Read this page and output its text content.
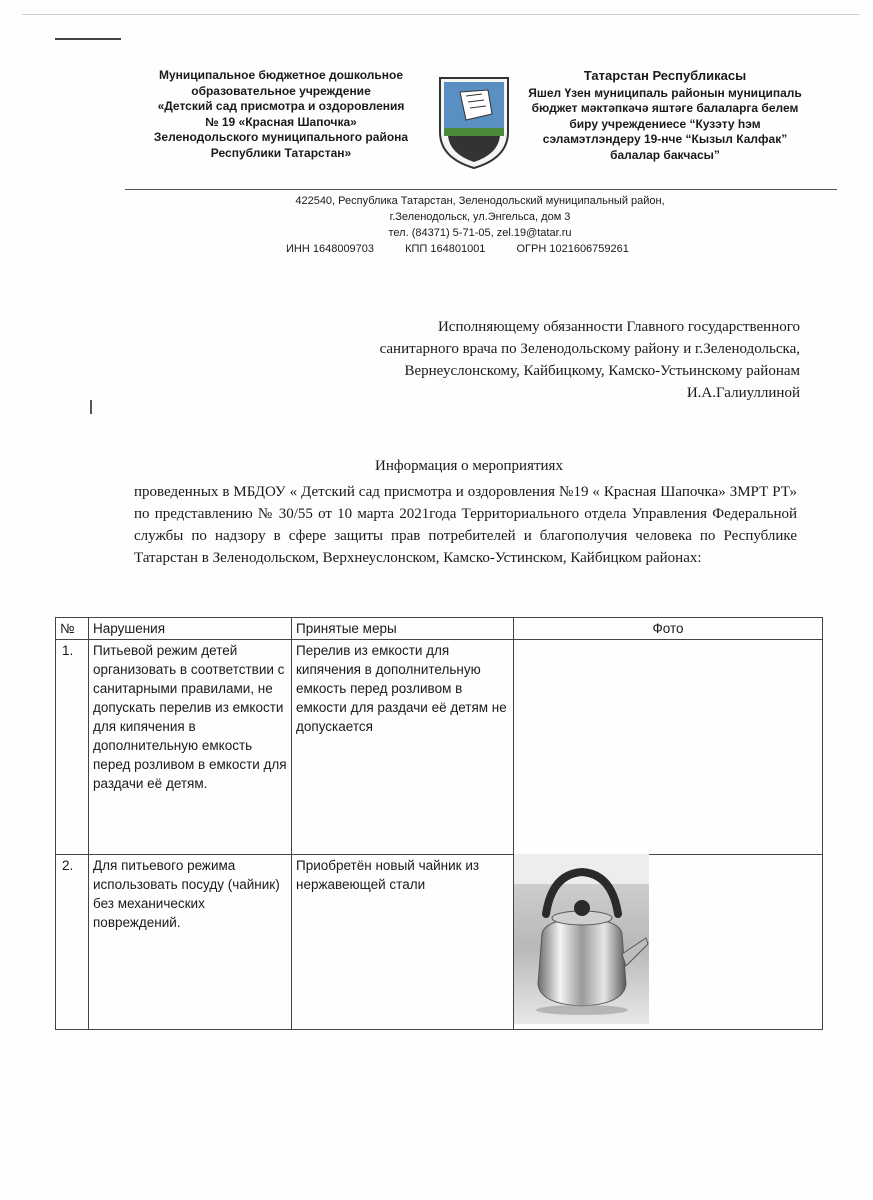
Муниципальное бюджетное дошкольное
образовательное учреждение
«Детский сад присмотра и оздоровления
№ 19 «Красная Шапочка»
Зеленодольского муниципального района
Республики Татарстан»
Татарстан Республикасы
Яшел Үзен муниципаль районын муниципаль
бюджет мәктәпкәчә яштәге балаларга белем
биру учреждениесе “Кузэту һэм
сэламэтлэндеру 19-нче “Кызыл Калфак”
балалар бакчасы”
422540, Республика Татарстан, Зеленодольский муниципальный район,
г.Зеленодольск, ул.Энгельса, дом 3
тел. (84371) 5-71-05, zel.19@tatar.ru
ИНН 1648009703	КПП 164801001	ОГРН 1021606759261
Исполняющему обязанности Главного государственного
санитарного врача по Зеленодольскому району и г.Зеленодольска,
Вернеуслонскому, Кайбицкому, Камско-Устьинскому районам
И.А.Галиуллиной
Информация о мероприятиях
проведенных в МБДОУ « Детский сад присмотра и оздоровления №19 « Красная Шапочка» ЗМРТ РТ» по представлению № 30/55 от 10 марта 2021года Территориального отдела Управления Федеральной службы по надзору в сфере защиты прав потребителей и благополучия человека по Республике Татарстан в Зеленодольском, Верхнеуслонском, Камско-Устинском, Кайбицком районах:
№	Нарушения	Принятые меры	Фото
1.	Питьевой режим детей организовать в соответствии с санитарными правилами, не допускать перелив из емкости для кипячения в дополнительную емкость перед розливом в емкости для раздачи её детям.	Перелив из емкости для кипячения в дополнительную емкость перед розливом в емкости для раздачи её детям не допускается	
2.	Для питьевого режима использовать посуду (чайник) без механических повреждений.	Приобретён новый чайник из нержавеющей стали	
